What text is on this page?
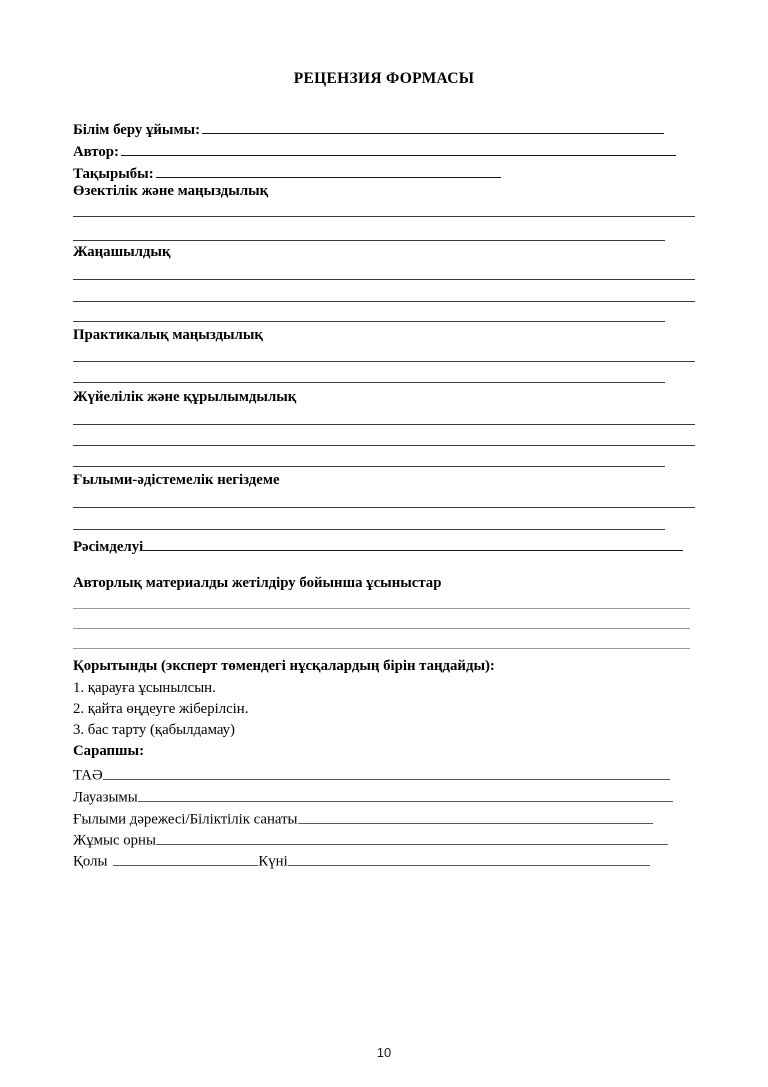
РЕЦЕНЗИЯ ФОРМАСЫ
Білім беру ұйымы:
Автор:
Тақырыбы:
Өзектілік және маңыздылық
Жаңашылдық
Практикалық маңыздылық
Жүйелілік және құрылымдылық
Ғылыми-әдістемелік негіздеме
Рәсімделуі
Авторлық материалды жетілдіру бойынша ұсыныстар
Қорытынды (эксперт төмендегі нұсқалардың бірін таңдайды):
1. қарауға ұсынылсын.
2. қайта өңдеуге жіберілсін.
3. бас тарту (қабылдамау)
Сарапшы:
ТАӘ
Лауазымы
Ғылыми дәрежесі/Біліктілік санаты
Жұмыс орны
Қолы	Күні
10
